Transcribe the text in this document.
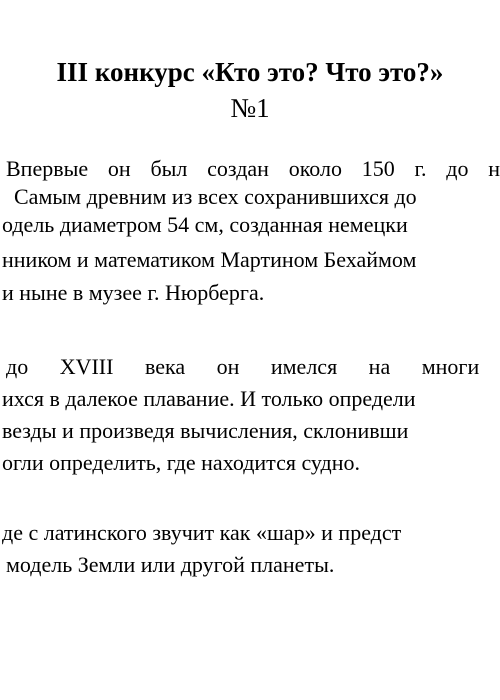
III конкурс «Кто это? Что это?»
№1
Впервые он был создан около 150 г. до н
Самым древним из всех сохранившихся до
одель диаметром 54 см, созданная немецки
нником и математиком Мартином Бехаймом
и ныне в музее г. Нюрберга.
до XVIII века он имелся на многи
ихся в далекое плавание. И только определи
везды и произведя вычисления, склонивши
огли определить, где находится судно.
де с латинского звучит как «шар» и предст
модель Земли или другой планеты.
